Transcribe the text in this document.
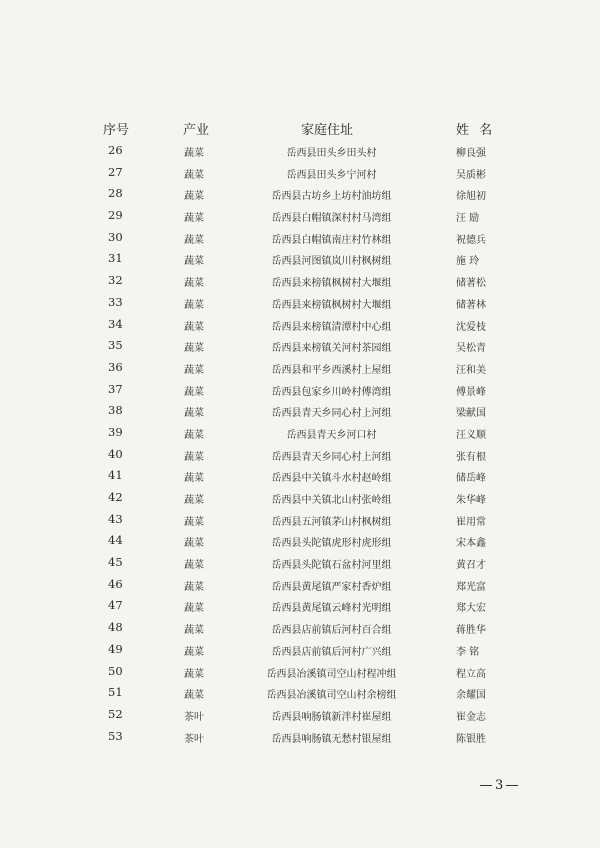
序号	产业	家庭住址	姓 名
26	蔬菜	岳西县田头乡田头村	柳良强
27	蔬菜	岳西县田头乡宁河村	吴质彬
28	蔬菜	岳西县古坊乡上坊村油坊组	徐旭初
29	蔬菜	岳西县白帽镇深村村马湾组	汪 励
30	蔬菜	岳西县白帽镇南庄村竹林组	祝德兵
31	蔬菜	岳西县河图镇岚川村枫树组	施 玲
32	蔬菜	岳西县来榜镇枫树村大堰组	储著松
33	蔬菜	岳西县来榜镇枫树村大堰组	储著林
34	蔬菜	岳西县来榜镇清潭村中心组	沈爱枝
35	蔬菜	岳西县来榜镇关河村茶园组	吴松青
36	蔬菜	岳西县和平乡西溪村上屋组	汪和美
37	蔬菜	岳西县包家乡川岭村傅湾组	傅景峰
38	蔬菜	岳西县青天乡同心村上河组	梁献国
39	蔬菜	岳西县青天乡河口村	汪义顺
40	蔬菜	岳西县青天乡同心村上河组	张有根
41	蔬菜	岳西县中关镇斗水村赵岭组	储岳峰
42	蔬菜	岳西县中关镇北山村张岭组	朱华峰
43	蔬菜	岳西县五河镇茅山村枫树组	崔用常
44	蔬菜	岳西县头陀镇虎形村虎形组	宋本鑫
45	蔬菜	岳西县头陀镇石盆村河里组	黄召才
46	蔬菜	岳西县黄尾镇严家村香炉组	郑光富
47	蔬菜	岳西县黄尾镇云峰村光明组	郑大宏
48	蔬菜	岳西县店前镇后河村百合组	蒋胜华
49	蔬菜	岳西县店前镇后河村广兴组	李 铭
50	蔬菜	岳西县冶溪镇司空山村程冲组	程立高
51	蔬菜	岳西县冶溪镇司空山村余榜组	余耀国
52	茶叶	岳西县响肠镇新泮村崔屋组	崔金志
53	茶叶	岳西县响肠镇无愁村银屋组	陈银胜
3
